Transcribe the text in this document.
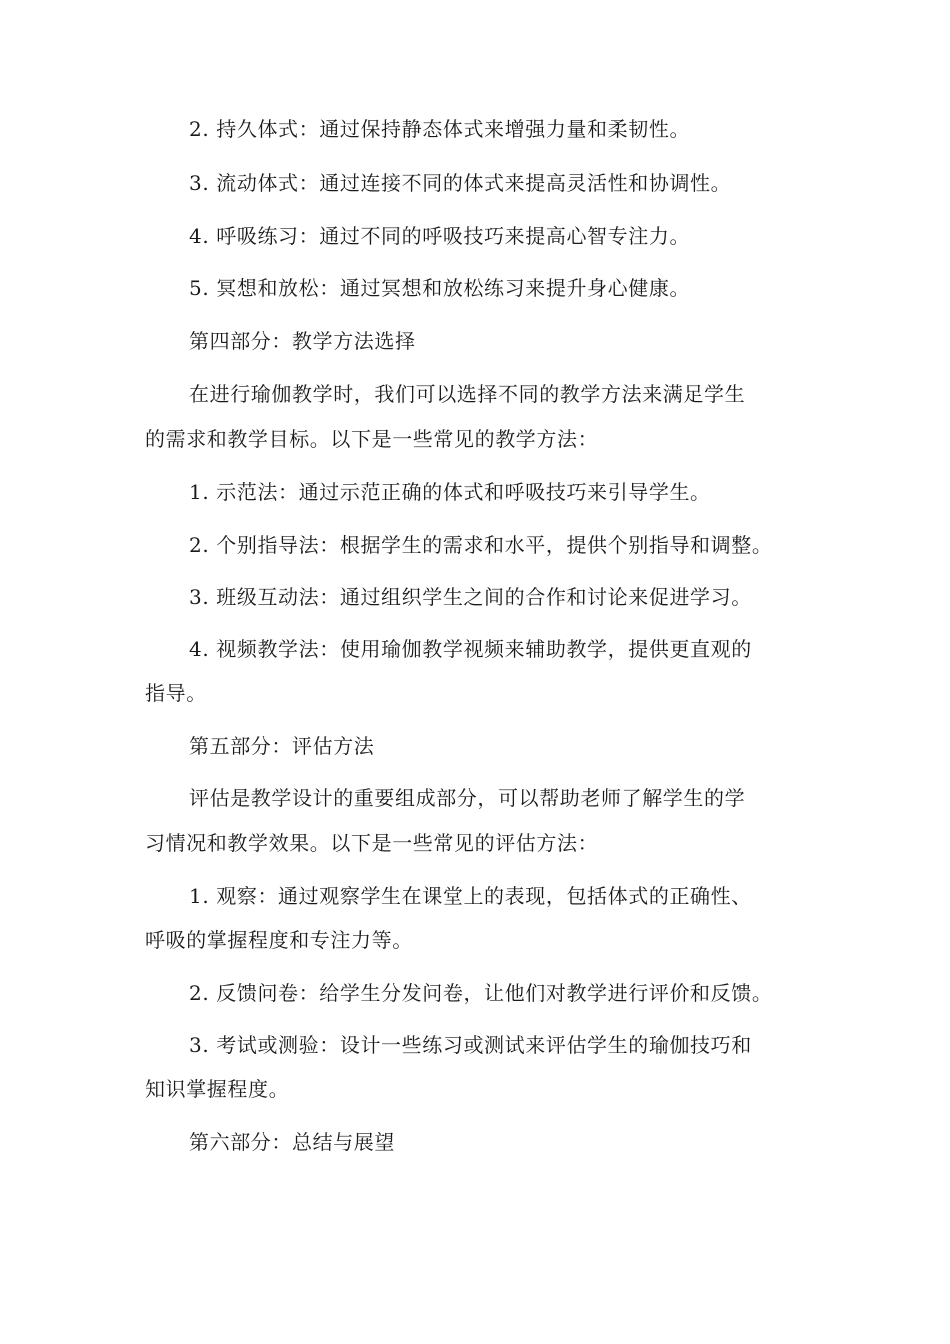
2. 持久体式：通过保持静态体式来增强力量和柔韧性。
3. 流动体式：通过连接不同的体式来提高灵活性和协调性。
4. 呼吸练习：通过不同的呼吸技巧来提高心智专注力。
5. 冥想和放松：通过冥想和放松练习来提升身心健康。
第四部分：教学方法选择
在进行瑜伽教学时，我们可以选择不同的教学方法来满足学生
的需求和教学目标。以下是一些常见的教学方法：
1. 示范法：通过示范正确的体式和呼吸技巧来引导学生。
2. 个别指导法：根据学生的需求和水平，提供个别指导和调整。
3. 班级互动法：通过组织学生之间的合作和讨论来促进学习。
4. 视频教学法：使用瑜伽教学视频来辅助教学，提供更直观的
指导。
第五部分：评估方法
评估是教学设计的重要组成部分，可以帮助老师了解学生的学
习情况和教学效果。以下是一些常见的评估方法：
1. 观察：通过观察学生在课堂上的表现，包括体式的正确性、
呼吸的掌握程度和专注力等。
2. 反馈问卷：给学生分发问卷，让他们对教学进行评价和反馈。
3. 考试或测验：设计一些练习或测试来评估学生的瑜伽技巧和
知识掌握程度。
第六部分：总结与展望
